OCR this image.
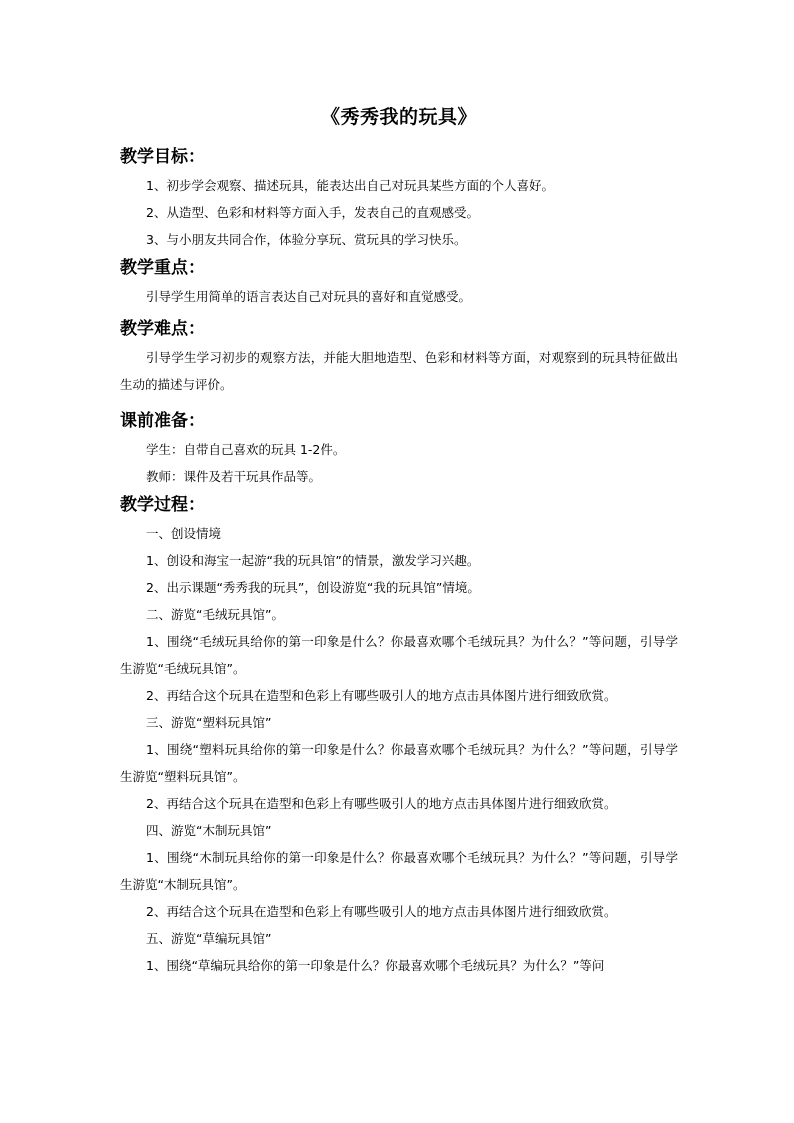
《秀秀我的玩具》
教学目标：

1、初步学会观察、描述玩具，能表达出自己对玩具某些方面的个人喜好。

2、从造型、色彩和材料等方面入手，发表自己的直观感受。

3、与小朋友共同合作，体验分享玩、赏玩具的学习快乐。

教学重点：

引导学生用简单的语言表达自己对玩具的喜好和直觉感受。

教学难点：

引导学生学习初步的观察方法，并能大胆地造型、色彩和材料等方面，对观察到的玩具特征做出生动的描述与评价。

课前准备：

学生：自带自己喜欢的玩具 1-2件。

教师：课件及若干玩具作品等。

教学过程：

一、创设情境

1、创设和海宝一起游“我的玩具馆”的情景，激发学习兴趣。

2、出示课题“秀秀我的玩具”，创设游览“我的玩具馆”情境。

二、游览“毛绒玩具馆”。

1、围绕“毛绒玩具给你的第一印象是什么？你最喜欢哪个毛绒玩具？为什么？”等问题，引导学生游览“毛绒玩具馆”。

2、再结合这个玩具在造型和色彩上有哪些吸引人的地方点击具体图片进行细致欣赏。

三、游览“塑料玩具馆”

1、围绕“塑料玩具给你的第一印象是什么？你最喜欢哪个毛绒玩具？为什么？”等问题，引导学生游览“塑料玩具馆”。

2、再结合这个玩具在造型和色彩上有哪些吸引人的地方点击具体图片进行细致欣赏。

四、游览“木制玩具馆”

1、围绕“木制玩具给你的第一印象是什么？你最喜欢哪个毛绒玩具？为什么？”等问题，引导学生游览“木制玩具馆”。

2、再结合这个玩具在造型和色彩上有哪些吸引人的地方点击具体图片进行细致欣赏。

五、游览“草编玩具馆”

1、围绕“草编玩具给你的第一印象是什么？你最喜欢哪个毛绒玩具？为什么？”等问
